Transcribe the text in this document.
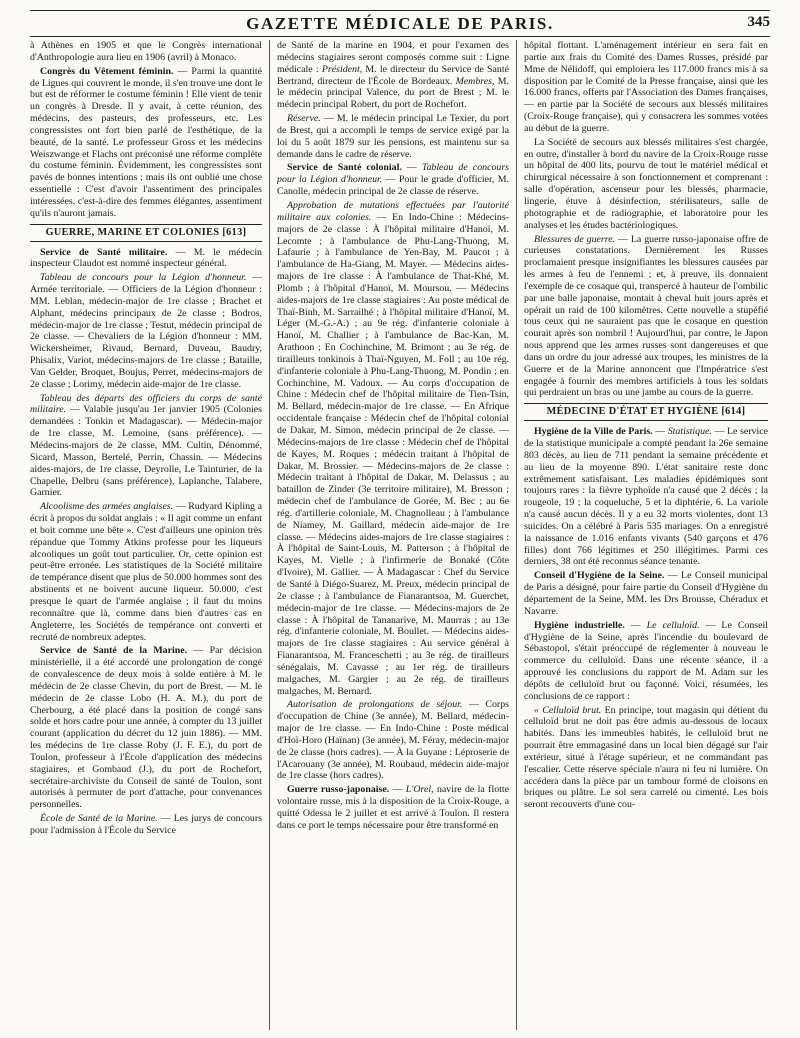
GAZETTE MÉDICALE DE PARIS.	345

à Athènes en 1905 et que le Congrès international d'Anthropologie aura lieu en 1906 (avril) à Monaco.

Congrès du Vêtement féminin. — Parmi la quantité de Ligues qui couvrent le monde, il s'en trouve une dont le but est de réformer le costume féminin ! Elle vient de tenir un congrès à Dresde. Il y avait, à cette réunion, des médecins, des pasteurs, des professeurs, etc. Les congressistes ont fort bien parlé de l'esthétique, de la beauté, de la santé. Le professeur Gross et les médecins Weiszwange et Flachs ont préconisé une réforme complète du costume féminin. Évidemment, les congressistes sont pavés de bonnes intentions ; mais ils ont oublié une chose essentielle : C'est d'avoir l'assentiment des principales intéressées, c'est-à-dire des femmes élégantes, assentiment qu'ils n'auront jamais.

GUERRE, MARINE ET COLONIES [613]

Service de Santé militaire. — M. le médecin inspecteur Claudot est nommé inspecteur général.

Tableau de concours pour la Légion d'honneur. — Armée territoriale. — Officiers de la Légion d'honneur : MM. Leblan, médecin-major de 1re classe ; Brachet et Alphant, médecins principaux de 2e classe ; Bodros, médecin-major de 1re classe ; Testut, médecin principal de 2e classe. — Chevaliers de la Légion d'honneur : MM. Wickersheimer, Rivaud, Bernard, Duveau, Baudry, Phisalix, Variot, médecins-majors de 1re classe ; Bataille, Van Gelder, Broquet, Boujus, Perret, médecins-majors de 2e classe ; Lorimy, médecin aide-major de 1re classe.

Tableau des départs des officiers du corps de santé militaire. — Valable jusqu'au 1er janvier 1905 (Colonies demandées : Tonkin et Madagascar). — Médecin-major de 1re classe, M. Lemoine, (sans préférence). — Médecins-majors de 2e classe, MM. Cultin, Dénommé, Sicard, Masson, Bertelé, Perrin, Chassin. — Médecins aides-majors, de 1re classe, Deyrolle, Le Tainturier, de la Chapelle, Delbru (sans préférence), Laplanche, Talabere, Garnier.

Alcoolisme des armées anglaises. — Rudyard Kipling a écrit à propos du soldat anglais : « Il agit comme un enfant et boit comme une bête ». C'est d'ailleurs une opinion très répandue que Tommy Atkins professe pour les liqueurs alcooliques un goût tout particulier. Or, cette opinion est peut-être erronée. Les statistiques de la Société militaire de tempérance disent que plus de 50.000 hommes sont des abstinents et ne boivent aucune liqueur. 50.000, c'est presque le quart de l'armée anglaise ; il faut du moins reconnaître que là, comme dans bien d'autres cas en Angleterre, les Sociétés de tempérance ont converti et recruté de nombreux adeptes.

Service de Santé de la Marine. — Par décision ministérielle, il a été accordé une prolongation de congé de convalescence de deux mois à solde entière à M. le médecin de 2e classe Chevin, du port de Brest. — M. le médecin de 2e classe Lobo (H. A. M.), du port de Cherbourg, a été placé dans la position de congé sans solde et hors cadre pour une année, à compter du 13 juillet courant (application du décret du 12 juin 1886). — MM. les médecins de 1re classe Roby (J. F. E.), du port de Toulon, professeur à l'École d'application des médecins stagiaires, et Gombaud (J.), du port de Rochefort, secrétaire-archiviste du Conseil de santé de Toulon, sont autorisés à permuter de port d'attache, pour convenances personnelles.

École de Santé de la Marine. — Les jurys de concours pour l'admission à l'École du Service

de Santé de la marine en 1904, et pour l'examen des médecins stagiaires seront composés comme suit : Ligne médicale : Président, M. le directeur du Service de Santé Bertrand, directeur de l'École de Bordeaux. Membres, M. le médecin principal Valence, du port de Brest ; M. le médecin principal Robert, du port de Rochefort.

Réserve. — M. le médecin principal Le Texier, du port de Brest, qui a accompli le temps de service exigé par la loi du 5 août 1879 sur les pensions, est maintenu sur sa demande dans le cadre de réserve.

Service de Santé colonial. — Tableau de concours pour la Légion d'honneur. — Pour le grade d'officier, M. Canolle, médecin principal de 2e classe de réserve.

Approbation de mutations effectuées par l'autorité militaire aux colonies. — En Indo-Chine : Médecins-majors de 2e classe : À l'hôpital militaire d'Hanoï, M. Lecomte ; à l'ambulance de Phu-Lang-Thuong, M. Lafaurie ; à l'ambulance de Yen-Bay, M. Paucot ; à l'ambulance de Ha-Giang, M. Mayer. — Médecins aides-majors de 1re classe : À l'ambulance de That-Khé, M. Plomb ; à l'hôpital d'Hanoï, M. Moursou. — Médecins aides-majors de 1re classe stagiaires : Au poste médical de Thaï-Binh, M. Sarrailhé ; à l'hôpital militaire d'Hanoï, M. Léger (M.-G.-A.) ; au 9e rég. d'infanterie coloniale à Hanoï, M. Challier ; à l'ambulance de Bac-Kan, M. Arathoon ; En Cochinchine, M. Brimont ; au 3e rég. de tirailleurs tonkinois à Thaï-Nguyen, M. Foll ; au 10e rég. d'infanterie coloniale à Phu-Lang-Thuong, M. Pondin ; en Cochinchine, M. Vadoux. — Au corps d'occupation de Chine : Médecin chef de l'hôpital militaire de Tien-Tsin, M. Bellard, médecin-major de 1re classe. — En Afrique occidentale française : Médecin chef de l'hôpital colonial de Dakar, M. Simon, médecin principal de 2e classe. — Médecins-majors de 1re classe : Médecin chef de l'hôpital de Kayes, M. Roques ; médecin traitant à l'hôpital de Dakar, M. Brossier. — Médecins-majors de 2e classe : Médecin traitant à l'hôpital de Dakar, M. Delassus ; au bataillon de Zinder (3e territoire militaire), M. Bresson ; médecin chef de l'ambulance de Gorée, M. Bec ; au 6e rég. d'artillerie coloniale, M. Chagnolleau ; à l'ambulance de Niamey, M. Gaillard, médecin aide-major de 1re classe. — Médecins aides-majors de 1re classe stagiaires : À l'hôpital de Saint-Louis, M. Patterson ; à l'hôpital de Kayes, M. Vielle ; à l'infirmerie de Bonaké (Côte d'Ivoire), M. Gallier. — À Madagascar : Chef du Service de Santé à Diégo-Suarez, M. Preux, médecin principal de 2e classe ; à l'ambulance de Fianarantsoa, M. Guerchet, médecin-major de 1re classe. — Médecins-majors de 2e classe : À l'hôpital de Tananarive, M. Maurras ; au 13e rég. d'infanterie coloniale, M. Boullet. — Médecins aides-majors de 1re classe stagiaires : Au service général à Fianarantsoa, M. Franceschetti ; au 3e rég. de tirailleurs sénégalais, M. Cavasse ; au 1er rég. de tirailleurs malgaches, M. Gargier ; au 2e rég. de tirailleurs malgaches, M. Bernard.

Autorisation de prolongations de séjour. — Corps d'occupation de Chine (3e année), M. Bellard, médecin-major de 1re classe. — En Indo-Chine : Poste médical d'Hoï-Horo (Haïnan) (3e année), M. Féray, médecin-major de 2e classe (hors cadres). — À la Guyane : Léproserie de l'Acarouany (3e année), M. Roubaud, médecin aide-major de 1re classe (hors cadres).

Guerre russo-japonaise. — L'Orel, navire de la flotte volontaire russe, mis à la disposition de la Croix-Rouge, a quitté Odessa le 2 juillet et est arrivé à Toulon. Il restera dans ce port le temps nécessaire pour être transformé en

hôpital flottant. L'aménagement intérieur en sera fait en partie aux frais du Comité des Dames Russes, présidé par Mme de Nélidoff, qui emploiera les 117.000 francs mis à sa disposition par le Comité de la Presse française, ainsi que les 16.000 francs, offerts par l'Association des Dames françaises, — en partie par la Société de secours aux blessés militaires (Croix-Rouge française), qui y consacrera les sommes votées au début de la guerre.

La Société de secours aux blessés militaires s'est chargée, en outre, d'installer à bord du navire de la Croix-Rouge russe un hôpital de 400 lits, pourvu de tout le matériel médical et chirurgical nécessaire à son fonctionnement et comprenant : salle d'opération, ascenseur pour les blessés, pharmacie, lingerie, étuve à désinfection, stérilisateurs, salle de photographie et de radiographie, et laboratoire pour les analyses et les études bactériologiques.

Blessures de guerre. — La guerre russo-japonaise offre de curieuses constatations. Dernièrement les Russes proclamaient presque insignifiantes les blessures causées par les armes à feu de l'ennemi ; et, à preuve, ils donnaient l'exemple de ce cosaque qui, transpercé à hauteur de l'ombilic par une balle japonaise, montait à cheval huit jours après et opérait un raid de 100 kilomètres. Cette nouvelle a stupéfié tous ceux qui ne sauraient pas que le cosaque en question courait après son nombril ! Aujourd'hui, par contre, le Japon nous apprend que les armes russes sont dangereuses et que dans un ordre du jour adressé aux troupes, les ministres de la Guerre et de la Marine annoncent que l'Impératrice s'est engagée à fournir des membres artificiels à tous les soldats qui perdraient un bras ou une jambe au cours de la guerre.

MÉDECINE D'ÉTAT ET HYGIÈNE [614]

Hygiène de la Ville de Paris. — Statistique. — Le service de la statistique municipale a compté pendant la 26e semaine 803 décès, au lieu de 711 pendant la semaine précédente et au lieu de la moyenne 890. L'état sanitaire reste donc extrêmement satisfaisant. Les maladies épidémiques sont toujours rares : la fièvre typhoïde n'a causé que 2 décès ; la rougeole, 19 ; la coqueluche, 5 et la diphtérie, 6. La variole n'a causé aucun décès. Il y a eu 32 morts violentes, dont 13 suicides. On a célébré à Paris 535 mariages. On a enregistré la naissance de 1.016 enfants vivants (540 garçons et 476 filles) dont 766 légitimes et 250 illégitimes. Parmi ces derniers, 38 ont été reconnus séance tenante.

Conseil d'Hygiène de la Seine. — Le Conseil municipal de Paris a désigné, pour faire partie du Conseil d'Hygiène du département de la Seine, MM. les Drs Brousse, Chéradux et Navarre.

Hygiène industrielle. — Le celluloïd. — Le Conseil d'Hygiène de la Seine, après l'incendie du boulevard de Sébastopol, s'était préoccupé de réglementer à nouveau le commerce du celluloïd. Dans une récente séance, il a approuvé les conclusions du rapport de M. Adam sur les dépôts de celluloïd brut ou façonné. Voici, résumées, les conclusions de ce rapport :

« Celluloïd brut. En principe, tout magasin qui détient du celluloïd brut ne doit pas être admis au-dessous de locaux habités. Dans les immeubles habités, le celluloïd brut ne pourrait être emmagasiné dans un local bien dégagé sur l'air extérieur, situé à l'étage supérieur, et ne commandant pas l'escalier. Cette réserve spéciale n'aura ni feu ni lumière. On accédera dans la pièce par un tambour formé de cloisons en briques ou plâtre. Le sol sera carrelé ou cimenté. Les bois seront recouverts d'une cou-
